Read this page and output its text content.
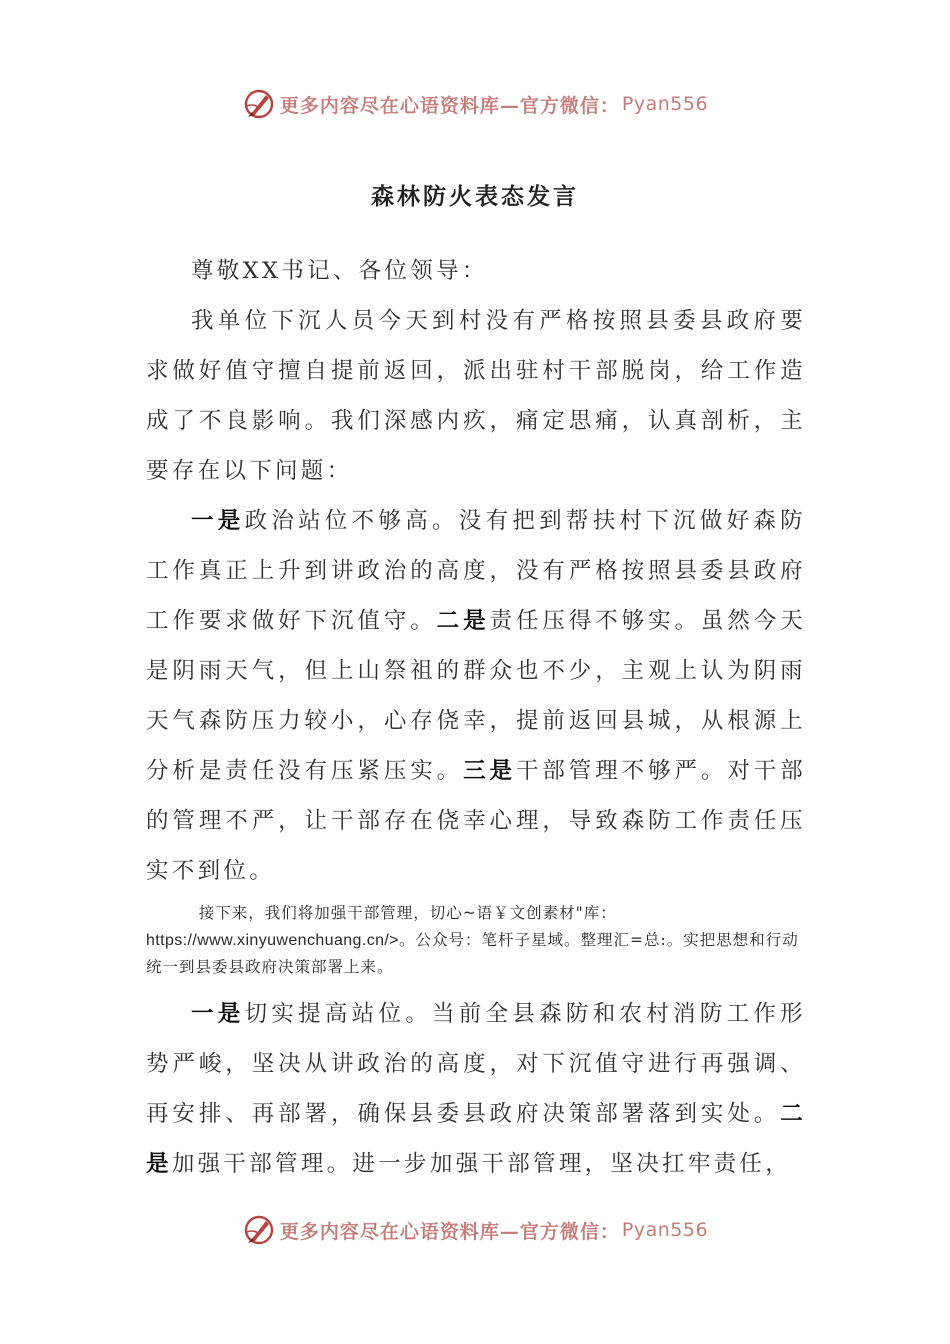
更多内容尽在心语资料库—官方微信： Pyan556
森林防火表态发言

尊敬XX书记、各位领导：

我单位下沉人员今天到村没有严格按照县委县政府要求做好值守擅自提前返回，派出驻村干部脱岗，给工作造成了不良影响。我们深感内疚，痛定思痛，认真剖析，主要存在以下问题：

一是政治站位不够高。没有把到帮扶村下沉做好森防工作真正上升到讲政治的高度，没有严格按照县委县政府工作要求做好下沉值守。二是责任压得不够实。虽然今天是阴雨天气，但上山祭祖的群众也不少，主观上认为阴雨天气森防压力较小，心存侥幸，提前返回县城，从根源上分析是责任没有压紧压实。三是干部管理不够严。对干部的管理不严，让干部存在侥幸心理，导致森防工作责任压实不到位。

接下来，我们将加强干部管理，切心~语￥文创素材"库：https://www.xinyuwenchuang.cn/>。公众号：笔杆子星域。整理汇=总:。实把思想和行动统一到县委县政府决策部署上来。

一是切实提高站位。当前全县森防和农村消防工作形势严峻，坚决从讲政治的高度，对下沉值守进行再强调、再安排、再部署，确保县委县政府决策部署落到实处。二是加强干部管理。进一步加强干部管理，坚决扛牢责任，

更多内容尽在心语资料库—官方微信： Pyan556
